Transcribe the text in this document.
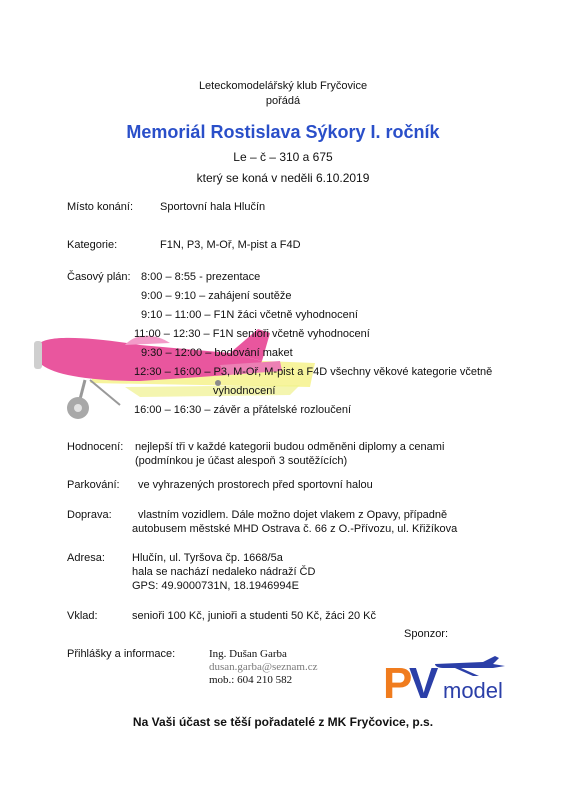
Leteckomodelářský klub Fryčovice
pořádá
Memoriál Rostislava Sýkory I. ročník
Le – č – 310 a 675
který se koná v neděli 6.10.2019
Místo konání: Sportovní hala Hlučín
Kategorie:	F1N, P3, M-Oř, M-pist a F4D
Časový plán: 8:00 – 8:55 - prezentace
9:00 – 9:10 – zahájení soutěže
9:10 – 11:00 – F1N žáci včetně vyhodnocení
11:00 – 12:30 – F1N senioři včetně vyhodnocení
9:30 – 12:00 – bodování maket
12:30 – 16:00 – P3, M-Oř, M-pist a F4D všechny věkové kategorie včetně
vyhodnocení
16:00 – 16:30 – závěr a přátelské rozloučení
Hodnocení: nejlepší tři v každé kategorii budou odměněni diplomy a cenami
(podmínkou je účast alespoň 3 soutěžících)
Parkování: ve vyhrazených prostorech před sportovní halou
Doprava: vlastním vozidlem. Dále možno dojet vlakem z Opavy, případně
autobusem městské MHD Ostrava č. 66 z O.-Přívozu, ul. Křižíkova
Adresa: Hlučín, ul. Tyršova čp. 1668/5a
hala se nachází nedaleko nádraží ČD
GPS: 49.9000731N, 18.1946994E
Vklad:	senioři 100 Kč, junioři a studenti 50 Kč, žáci 20 Kč
Sponzor:
Přihlášky a informace:	Ing. Dušan Garba
dusan.garba@seznam.cz
mob.: 604 210 582 P
V model
Na Vaši účast se těší pořadatelé z MK Fryčovice, p.s.
